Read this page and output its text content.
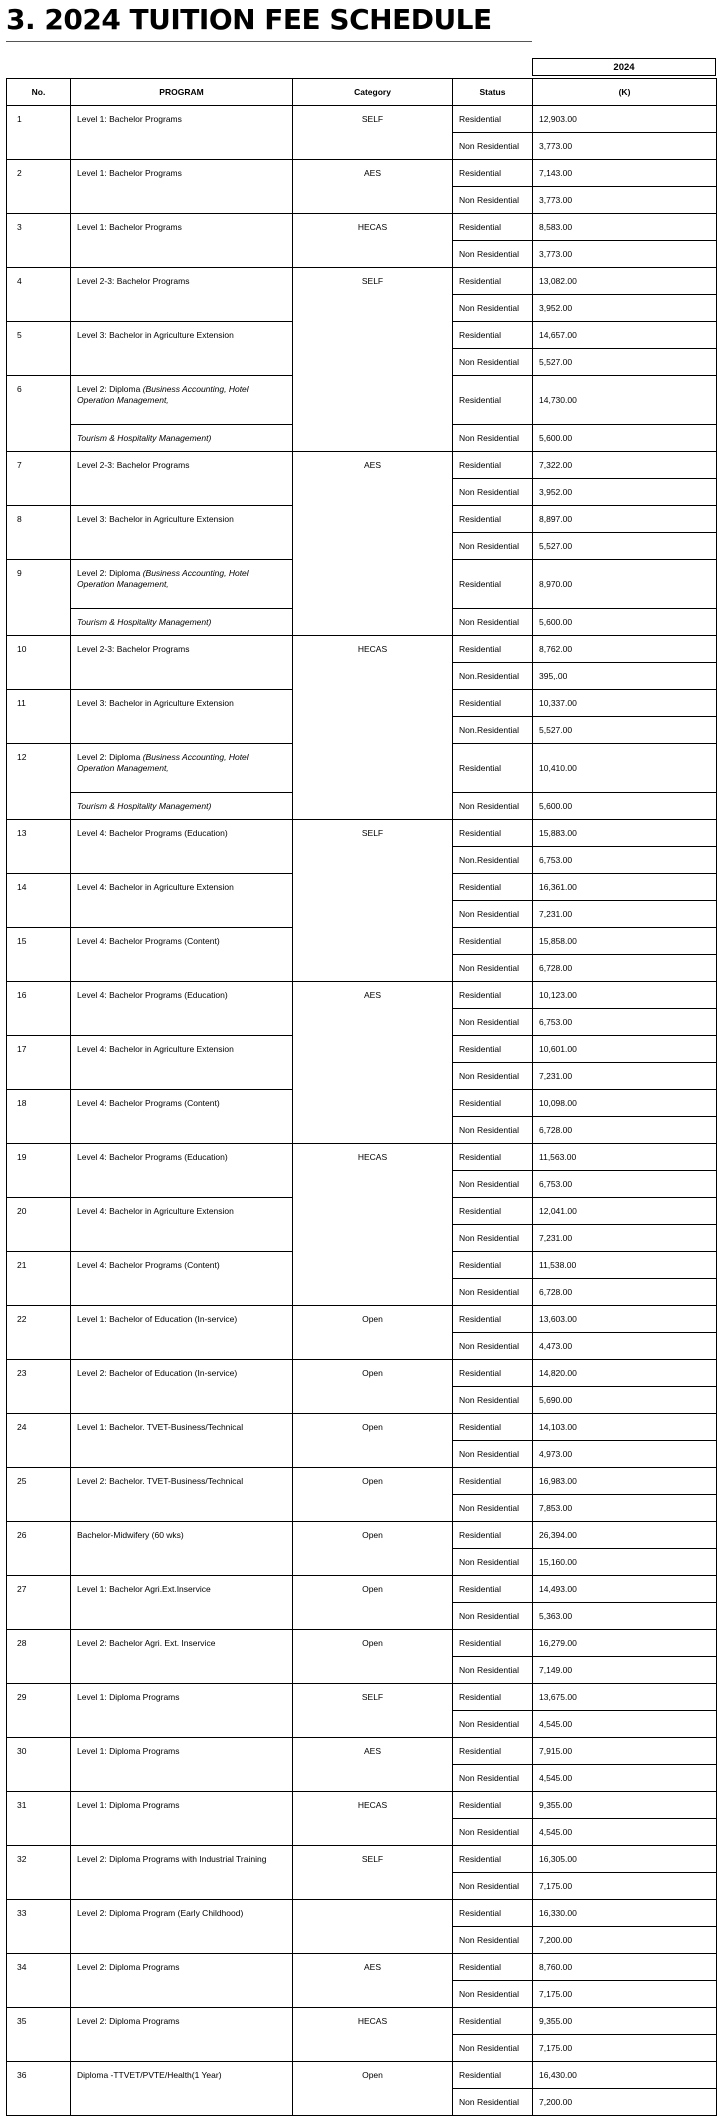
3. 2024 TUITION FEE SCHEDULE
2024
No.	PROGRAM	Category	Status	(K)
1	Level 1: Bachelor Programs	SELF	Residential	12,903.00
			Non Residential	3,773.00
2	Level 1: Bachelor Programs	AES	Residential	7,143.00
			Non Residential	3,773.00
3	Level 1: Bachelor Programs	HECAS	Residential	8,583.00
			Non Residential	3,773.00
4	Level 2-3: Bachelor Programs	SELF	Residential	13,082.00
			Non Residential	3,952.00
5	Level 3: Bachelor in Agriculture Extension		Residential	14,657.00
			Non Residential	5,527.00
6	Level 2: Diploma (Business Accounting, Hotel Operation Management,		Residential	14,730.00
	Tourism & Hospitality Management)		Non Residential	5,600.00
7	Level 2-3: Bachelor Programs	AES	Residential	7,322.00
			Non Residential	3,952.00
8	Level 3: Bachelor in Agriculture Extension		Residential	8,897.00
			Non Residential	5,527.00
9	Level 2: Diploma (Business Accounting, Hotel Operation Management,		Residential	8,970.00
	Tourism & Hospitality Management)		Non Residential	5,600.00
10	Level 2-3: Bachelor Programs	HECAS	Residential	8,762.00
			Non.Residential	395,.00
11	Level 3: Bachelor in Agriculture Extension		Residential	10,337.00
			Non.Residential	5,527.00
12	Level 2: Diploma (Business Accounting, Hotel Operation Management,		Residential	10,410.00
	Tourism & Hospitality Management)		Non Residential	5,600.00
13	Level 4: Bachelor Programs (Education)	SELF	Residential	15,883.00
			Non.Residential	6,753.00
14	Level 4: Bachelor in Agriculture Extension		Residential	16,361.00
			Non Residential	7,231.00
15	Level 4: Bachelor Programs (Content)		Residential	15,858.00
			Non Residential	6,728.00
16	Level 4: Bachelor Programs (Education)	AES	Residential	10,123.00
			Non Residential	6,753.00
17	Level 4: Bachelor in Agriculture Extension		Residential	10,601.00
			Non Residential	7,231.00
18	Level 4: Bachelor Programs (Content)		Residential	10,098.00
			Non Residential	6,728.00
19	Level 4: Bachelor Programs (Education)	HECAS	Residential	11,563.00
			Non Residential	6,753.00
20	Level 4: Bachelor in Agriculture Extension		Residential	12,041.00
			Non Residential	7,231.00
21	Level 4: Bachelor Programs (Content)		Residential	11,538.00
			Non Residential	6,728.00
22	Level 1: Bachelor of Education (In-service)	Open	Residential	13,603.00
			Non Residential	4,473.00
23	Level 2: Bachelor of Education (In-service)	Open	Residential	14,820.00
			Non Residential	5,690.00
24	Level 1: Bachelor. TVET-Business/Technical	Open	Residential	14,103.00
			Non Residential	4,973.00
25	Level 2: Bachelor. TVET-Business/Technical	Open	Residential	16,983.00
			Non Residential	7,853.00
26	Bachelor-Midwifery (60 wks)	Open	Residential	26,394.00
			Non Residential	15,160.00
27	Level 1: Bachelor Agri.Ext.Inservice	Open	Residential	14,493.00
			Non Residential	5,363.00
28	Level 2: Bachelor Agri. Ext. Inservice	Open	Residential	16,279.00
			Non Residential	7,149.00
29	Level 1: Diploma Programs	SELF	Residential	13,675.00
			Non Residential	4,545.00
30	Level 1: Diploma Programs	AES	Residential	7,915.00
			Non Residential	4,545.00
31	Level 1: Diploma Programs	HECAS	Residential	9,355.00
			Non Residential	4,545.00
32	Level 2: Diploma Programs with Industrial Training	SELF	Residential	16,305.00
			Non Residential	7,175.00
33	Level 2: Diploma Program (Early Childhood)		Residential	16,330.00
			Non Residential	7,200.00
34	Level 2: Diploma Programs	AES	Residential	8,760.00
			Non Residential	7,175.00
35	Level 2: Diploma Programs	HECAS	Residential	9,355.00
			Non Residential	7,175.00
36	Diploma -TTVET/PVTE/Health(1 Year)	Open	Residential	16,430.00
			Non Residential	7,200.00
